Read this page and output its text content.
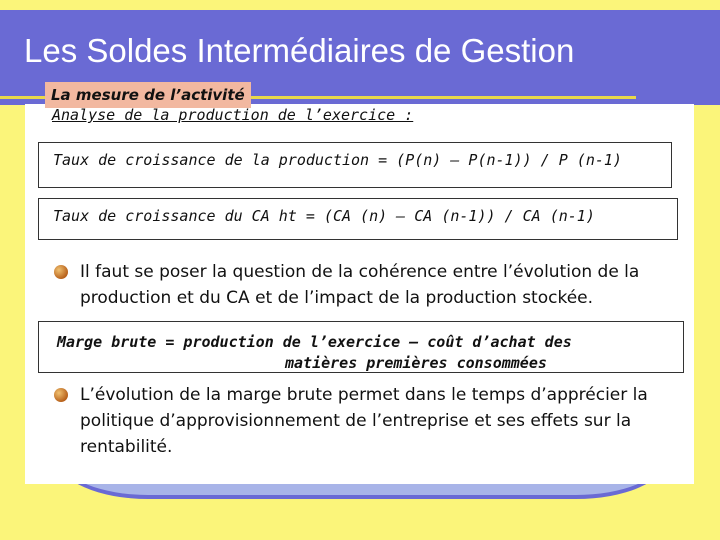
Les Soldes Intermédiaires de Gestion
La mesure de l’activité

Analyse de la production de l’exercice :

Taux de croissance de la production = (P(n) – P(n-1)) / P (n-1)
Taux de croissance du CA ht = (CA (n) – CA (n-1)) / CA (n-1)
Il faut se poser la question de la cohérence entre l’évolution de la production et du CA et de l’impact de la production stockée.
Marge brute = production de l’exercice – coût d’achat des
matières premières consommées
L’évolution de la marge brute permet dans le temps d’apprécier la politique d’approvisionnement de l’entreprise et ses effets sur la rentabilité.
